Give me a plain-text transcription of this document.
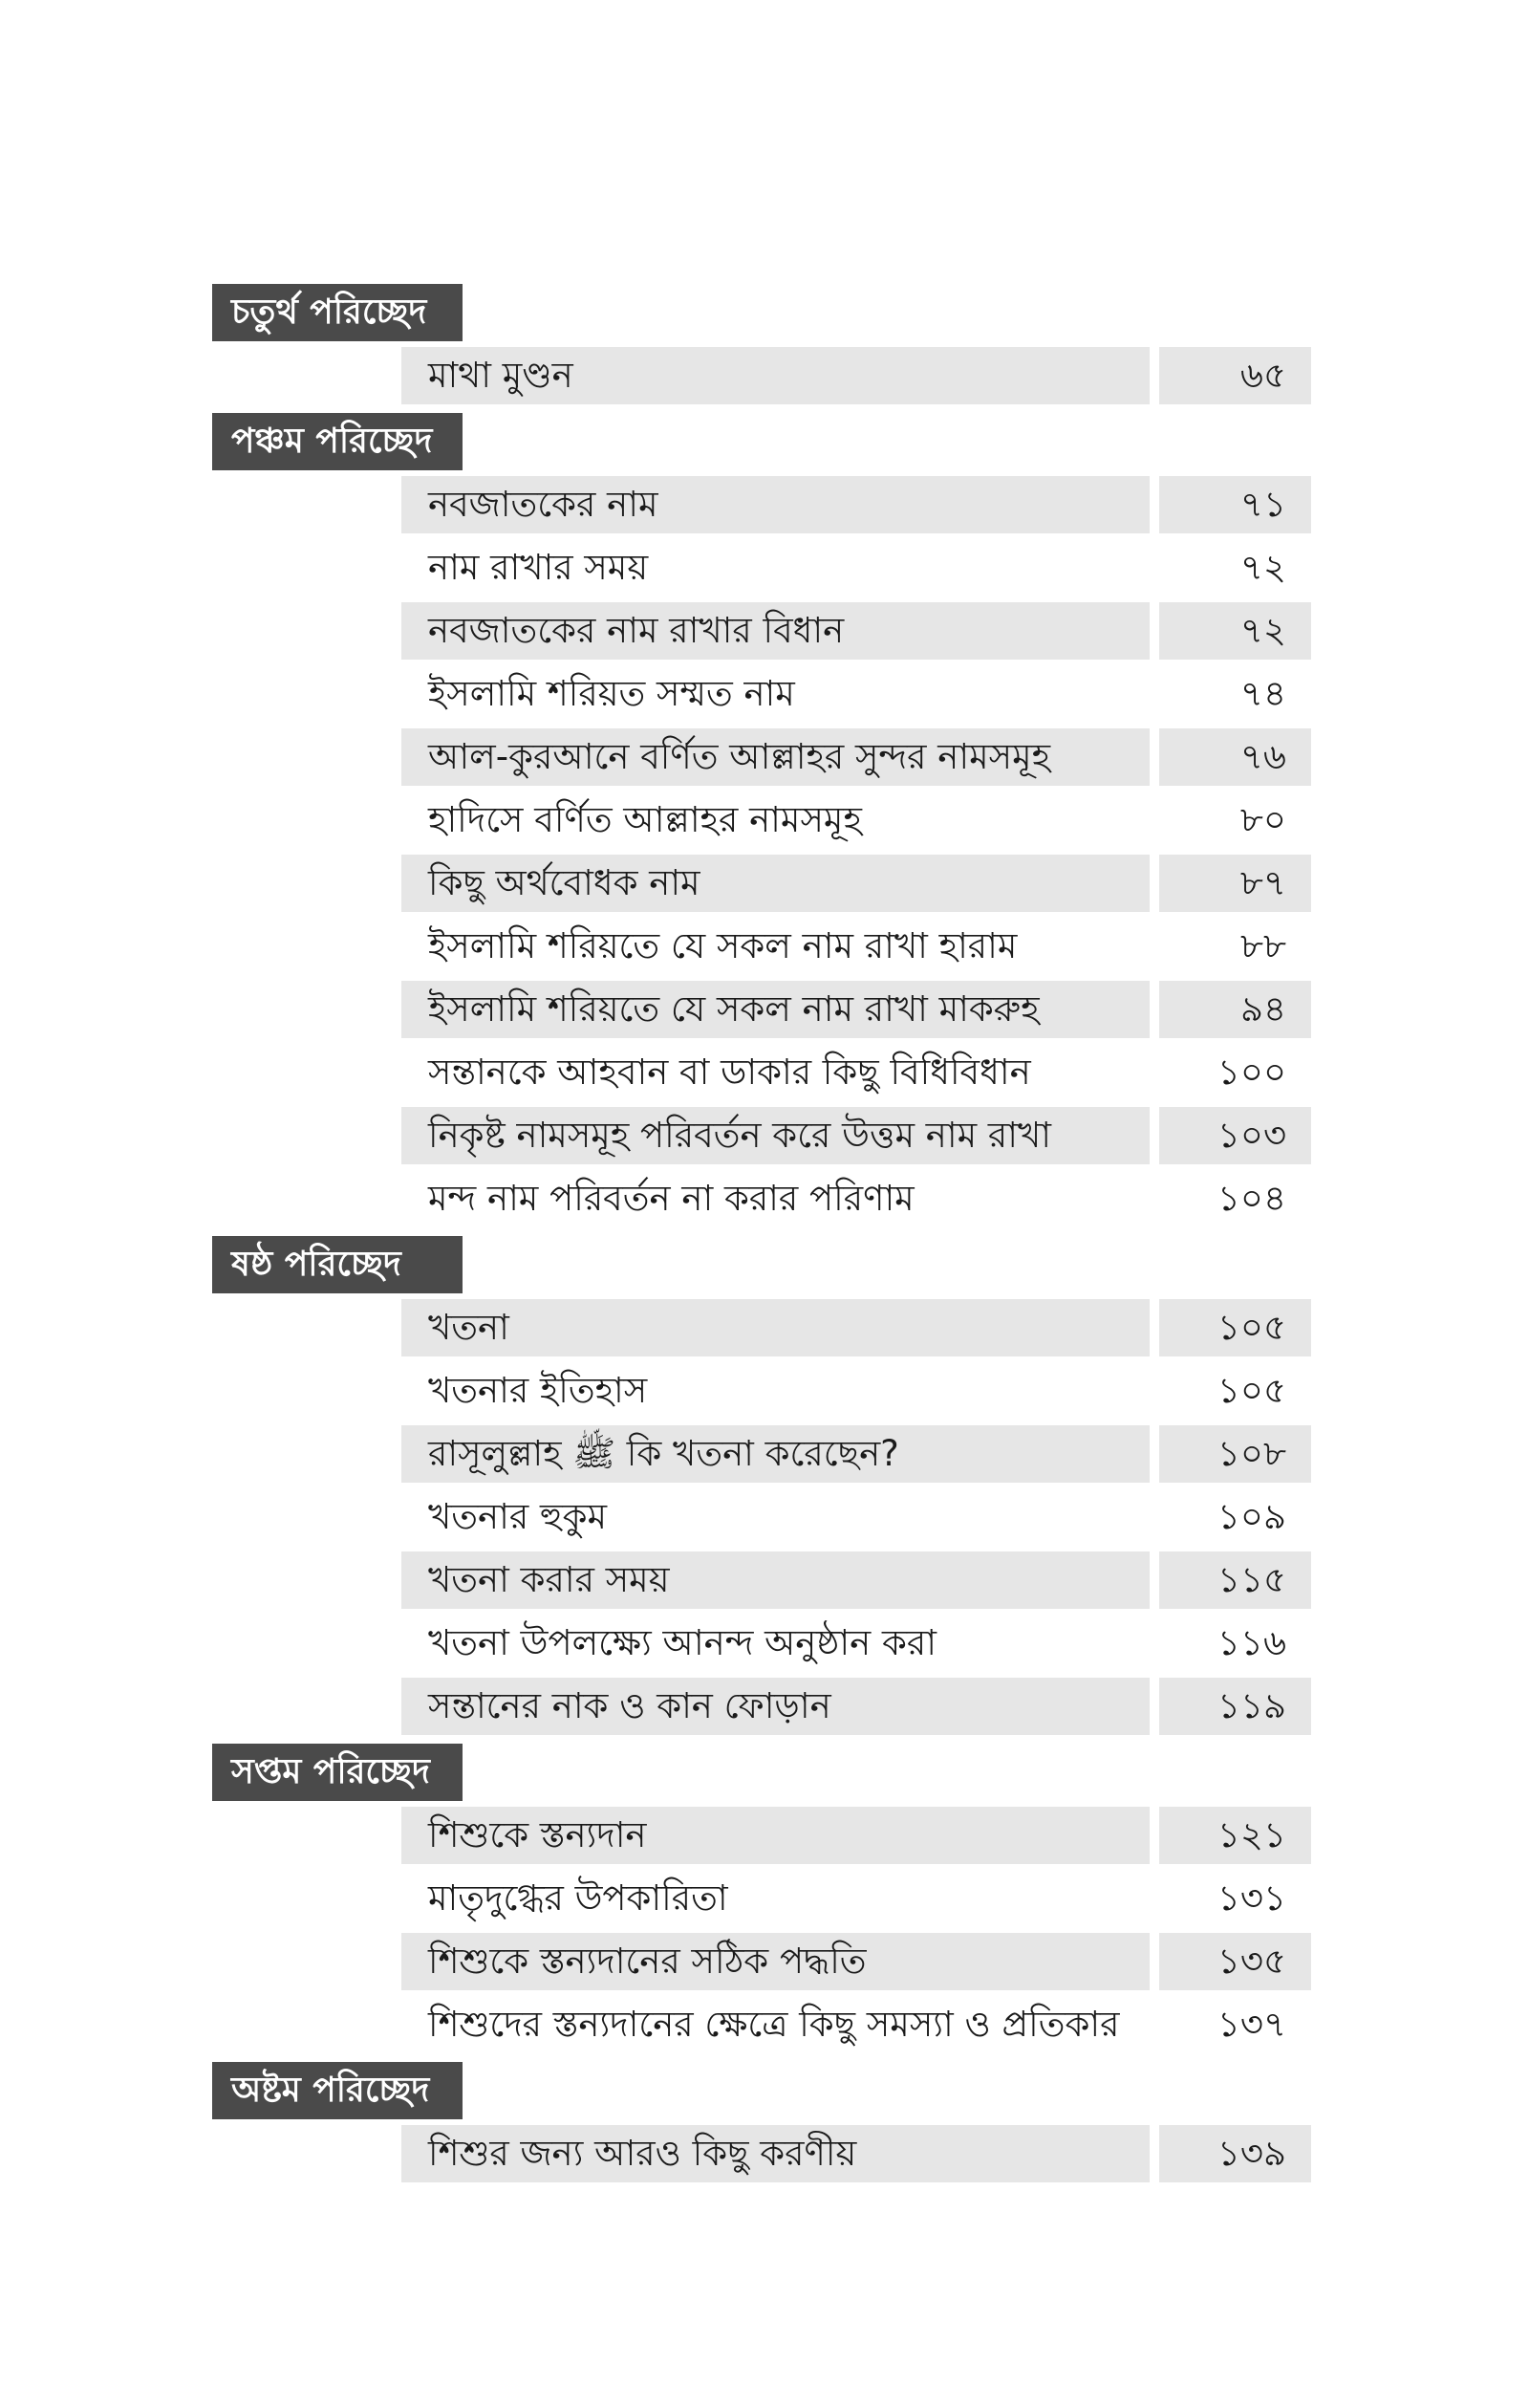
চতুর্থ পরিচ্ছেদ
মাথা মুণ্ডন	৬৫
পঞ্চম পরিচ্ছেদ
নবজাতকের নাম	৭১
নাম রাখার সময়	৭২
নবজাতকের নাম রাখার বিধান	৭২
ইসলামি শরিয়ত সম্মত নাম	৭৪
আল-কুরআনে বর্ণিত আল্লাহর সুন্দর নামসমূহ	৭৬
হাদিসে বর্ণিত আল্লাহর নামসমূহ	৮০
কিছু অর্থবোধক নাম	৮৭
ইসলামি শরিয়তে যে সকল নাম রাখা হারাম	৮৮
ইসলামি শরিয়তে যে সকল নাম রাখা মাকরুহ	৯৪
সন্তানকে আহবান বা ডাকার কিছু বিধিবিধান	১০০
নিকৃষ্ট নামসমূহ পরিবর্তন করে উত্তম নাম রাখা	১০৩
মন্দ নাম পরিবর্তন না করার পরিণাম	১০৪
ষষ্ঠ পরিচ্ছেদ
খতনা	১০৫
খতনার ইতিহাস	১০৫
রাসূলুল্লাহ ﷺ কি খতনা করেছেন?	১০৮
খতনার হুকুম	১০৯
খতনা করার সময়	১১৫
খতনা উপলক্ষ্যে আনন্দ অনুষ্ঠান করা	১১৬
সন্তানের নাক ও কান ফোড়ান	১১৯
সপ্তম পরিচ্ছেদ
শিশুকে স্তন্যদান	১২১
মাতৃদুগ্ধের উপকারিতা	১৩১
শিশুকে স্তন্যদানের সঠিক পদ্ধতি	১৩৫
শিশুদের স্তন্যদানের ক্ষেত্রে কিছু সমস্যা ও প্রতিকার	১৩৭
অষ্টম পরিচ্ছেদ
শিশুর জন্য আরও কিছু করণীয়	১৩৯
